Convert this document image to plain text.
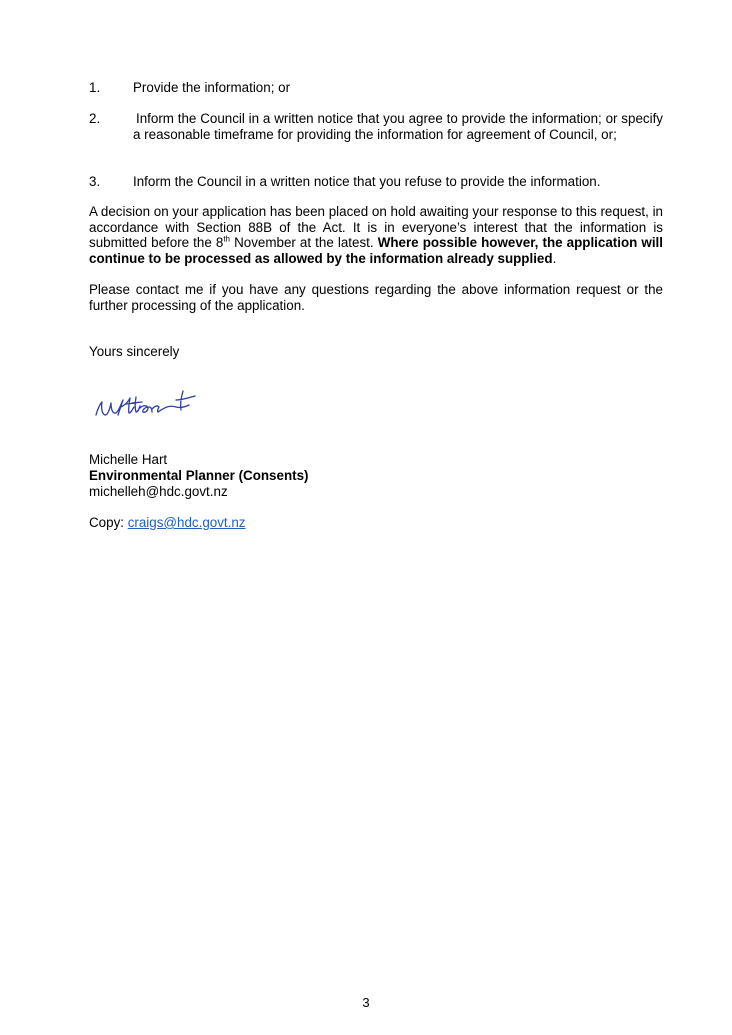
1. Provide the information; or
2.	Inform the Council in a written notice that you agree to provide the information; or specify a reasonable timeframe for providing the information for agreement of Council, or;
3. Inform the Council in a written notice that you refuse to provide the information.
A decision on your application has been placed on hold awaiting your response to this request, in accordance with Section 88B of the Act. It is in everyone’s interest that the information is submitted before the 8th November at the latest. Where possible however, the application will continue to be processed as allowed by the information already supplied.
Please contact me if you have any questions regarding the above information request or the further processing of the application.
Yours sincerely
Michelle Hart
Environmental Planner (Consents)
michelleh@hdc.govt.nz
Copy: craigs@hdc.govt.nz
3
